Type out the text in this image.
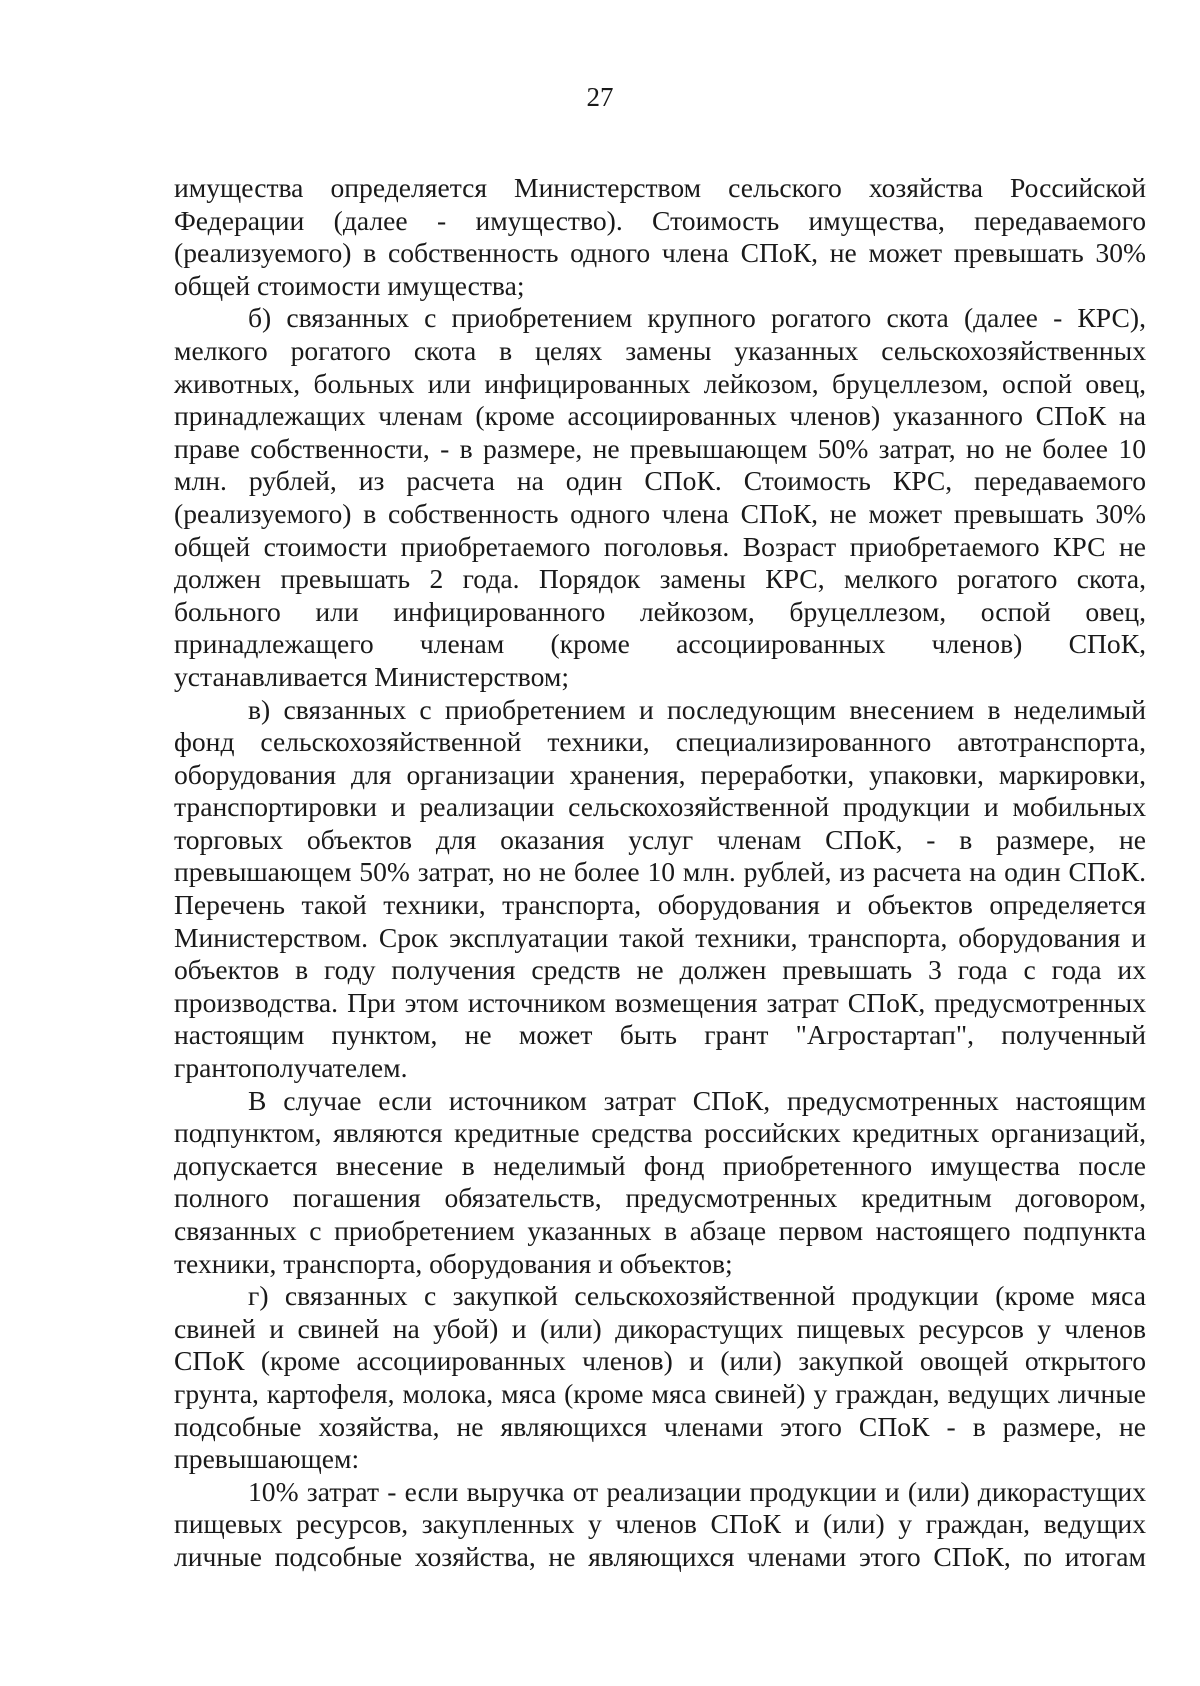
27

имущества определяется Министерством сельского хозяйства Российской Федерации (далее - имущество). Стоимость имущества, передаваемого (реализуемого) в собственность одного члена СПоК, не может превышать 30% общей стоимости имущества;

б) связанных с приобретением крупного рогатого скота (далее - КРС), мелкого рогатого скота в целях замены указанных сельскохозяйственных животных, больных или инфицированных лейкозом, бруцеллезом, оспой овец, принадлежащих членам (кроме ассоциированных членов) указанного СПоК на праве собственности, - в размере, не превышающем 50% затрат, но не более 10 млн. рублей, из расчета на один СПоК. Стоимость КРС, передаваемого (реализуемого) в собственность одного члена СПоК, не может превышать 30% общей стоимости приобретаемого поголовья. Возраст приобретаемого КРС не должен превышать 2 года. Порядок замены КРС, мелкого рогатого скота, больного или инфицированного лейкозом, бруцеллезом, оспой овец, принадлежащего членам (кроме ассоциированных членов) СПоК, устанавливается Министерством;

в) связанных с приобретением и последующим внесением в неделимый фонд сельскохозяйственной техники, специализированного автотранспорта, оборудования для организации хранения, переработки, упаковки, маркировки, транспортировки и реализации сельскохозяйственной продукции и мобильных торговых объектов для оказания услуг членам СПоК, - в размере, не превышающем 50% затрат, но не более 10 млн. рублей, из расчета на один СПоК. Перечень такой техники, транспорта, оборудования и объектов определяется Министерством. Срок эксплуатации такой техники, транспорта, оборудования и объектов в году получения средств не должен превышать 3 года с года их производства. При этом источником возмещения затрат СПоК, предусмотренных настоящим пунктом, не может быть грант "Агростартап", полученный грантополучателем.

В случае если источником затрат СПоК, предусмотренных настоящим подпунктом, являются кредитные средства российских кредитных организаций, допускается внесение в неделимый фонд приобретенного имущества после полного погашения обязательств, предусмотренных кредитным договором, связанных с приобретением указанных в абзаце первом настоящего подпункта техники, транспорта, оборудования и объектов;

г) связанных с закупкой сельскохозяйственной продукции (кроме мяса свиней и свиней на убой) и (или) дикорастущих пищевых ресурсов у членов СПоК (кроме ассоциированных членов) и (или) закупкой овощей открытого грунта, картофеля, молока, мяса (кроме мяса свиней) у граждан, ведущих личные подсобные хозяйства, не являющихся членами этого СПоК - в размере, не превышающем:

10% затрат - если выручка от реализации продукции и (или) дикорастущих пищевых ресурсов, закупленных у членов СПоК и (или) у граждан, ведущих личные подсобные хозяйства, не являющихся членами этого СПоК, по итогам
